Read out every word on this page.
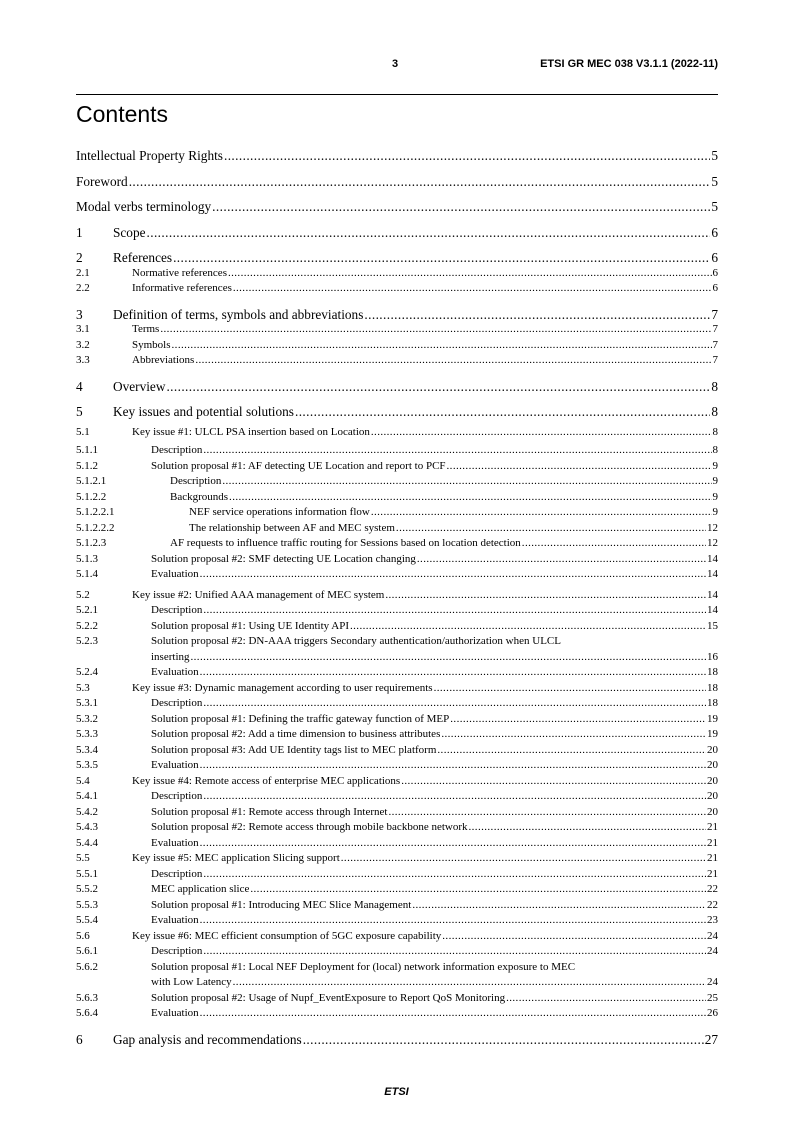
3	ETSI GR MEC 038 V3.1.1 (2022-11)
Contents
Intellectual Property Rights .....	5
Foreword .....	5
Modal verbs terminology .....	5
1 Scope .....	6
2 References .....	6
2.1	Normative references .....	6
2.2	Informative references .....	6
3 Definition of terms, symbols and abbreviations .....	7
3.1	Terms .....	7
3.2	Symbols .....	7
3.3	Abbreviations .....	7
4 Overview .....	8
5 Key issues and potential solutions .....	8
5.1	Key issue #1: ULCL PSA insertion based on Location .....	8
5.1.1	Description .....	8
5.1.2	Solution proposal #1: AF detecting UE Location and report to PCF .....	9
5.1.2.1	Description .....	9
5.1.2.2	Backgrounds .....	9
5.1.2.2.1	NEF service operations information flow .....	9
5.1.2.2.2	The relationship between AF and MEC system .....	12
5.1.2.3	AF requests to influence traffic routing for Sessions based on location detection .....	12
5.1.3	Solution proposal #2: SMF detecting UE Location changing .....	14
5.1.4	Evaluation .....	14
5.2	Key issue #2: Unified AAA management of MEC system .....	14
5.2.1	Description .....	14
5.2.2	Solution proposal #1: Using UE Identity API .....	15
5.2.3	Solution proposal #2: DN-AAA triggers Secondary authentication/authorization when ULCL
inserting .....	16
5.2.4	Evaluation .....	18
5.3	Key issue #3: Dynamic management according to user requirements .....	18
5.3.1	Description .....	18
5.3.2	Solution proposal #1: Defining the traffic gateway function of MEP .....	19
5.3.3	Solution proposal #2: Add a time dimension to business attributes .....	19
5.3.4	Solution proposal #3: Add UE Identity tags list to MEC platform .....	20
5.3.5	Evaluation .....	20
5.4	Key issue #4: Remote access of enterprise MEC applications .....	20
5.4.1	Description .....	20
5.4.2	Solution proposal #1: Remote access through Internet .....	20
5.4.3	Solution proposal #2: Remote access through mobile backbone network .....	21
5.4.4	Evaluation .....	21
5.5	Key issue #5: MEC application Slicing support .....	21
5.5.1	Description .....	21
5.5.2	MEC application slice .....	22
5.5.3	Solution proposal #1: Introducing MEC Slice Management .....	22
5.5.4	Evaluation .....	23
5.6	Key issue #6: MEC efficient consumption of 5GC exposure capability .....	24
5.6.1	Description .....	24
5.6.2	Solution proposal #1: Local NEF Deployment for (local) network information exposure to MEC
with Low Latency .....	24
5.6.3	Solution proposal #2: Usage of Nupf_EventExposure to Report QoS Monitoring .....	25
5.6.4	Evaluation .....	26
6 Gap analysis and recommendations .....	27
ETSI
